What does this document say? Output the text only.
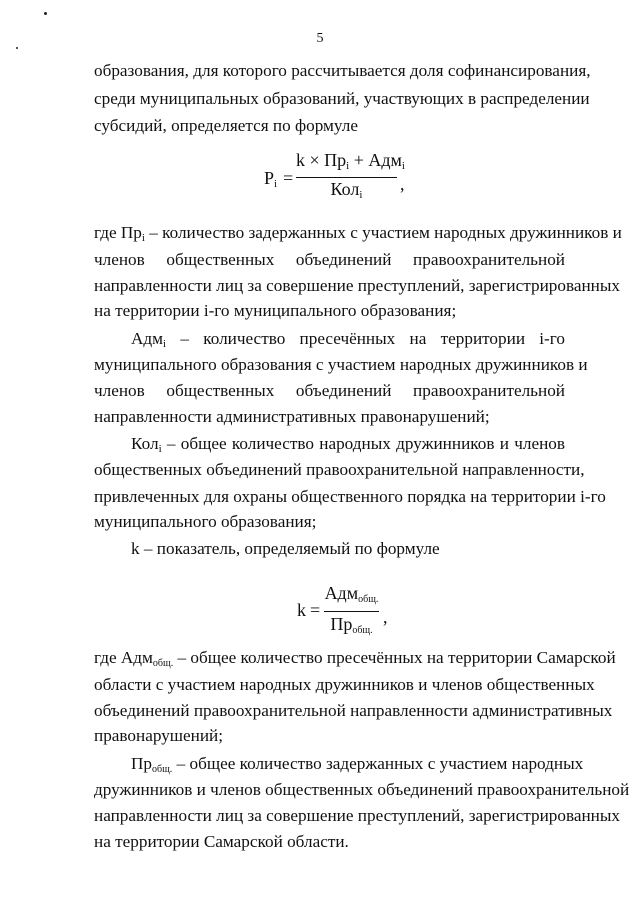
5
образования, для которого рассчитывается доля софинансирования,
среди муниципальных образований, участвующих в распределении
субсидий, определяется по формуле
$P_i$ =
$k \times Пр_i + Адм_i$
Кол$_i$
,
где $Пр_i$ – количество задержанных с участием народных дружинников и
членов общественных объединений правоохранительной
направленности лиц за совершение преступлений, зарегистрированных
на территории i-го муниципального образования;
Адм$_i$ – количество пресечённых на территории i-го
муниципального образования с участием народных дружинников и
членов общественных объединений правоохранительной
направленности административных правонарушений;
Кол$_i$ – общее количество народных дружинников и членов
общественных объединений правоохранительной направленности,
привлеченных для охраны общественного порядка на территории i-го
муниципального образования;
k – показатель, определяемый по формуле
k =
Адм$_{общ.}$
$Пр_{общ.}$
,
где Адм$_{общ.}$ – общее количество пресечённых на территории Самарской
области с участием народных дружинников и членов общественных
объединений правоохранительной направленности административных
правонарушений;
$Пр_{общ.}$ – общее количество задержанных с участием народных
дружинников и членов общественных объединений правоохранительной
направленности лиц за совершение преступлений, зарегистрированных
на территории Самарской области.
